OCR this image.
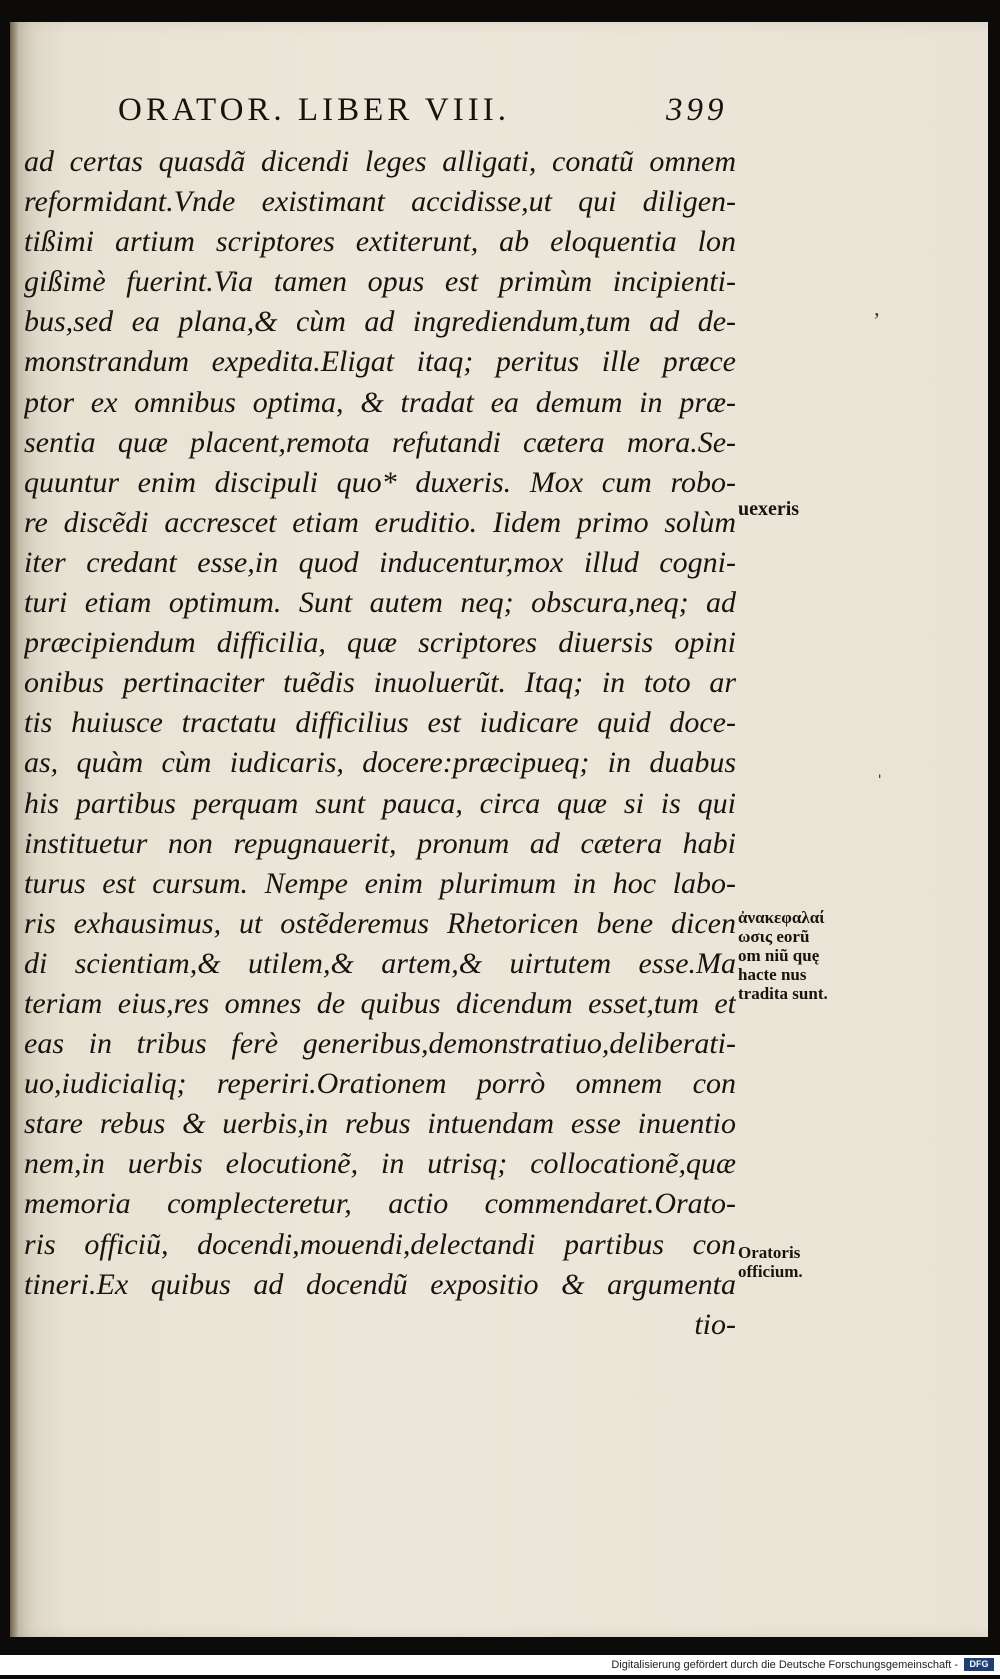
ORATOR. LIBER VIII.	399
ad certas quasdã dicendi leges alligati, conatũ omnem
reformidant.Vnde existimant accidisse,ut qui diligen-
tißimi artium scriptores extiterunt, ab eloquentia lon
gißimè fuerint.Via tamen opus est primùm incipienti-
bus,sed ea plana,& cùm ad ingrediendum,tum ad de-
monstrandum expedita.Eligat itaq; peritus ille præce
ptor ex omnibus optima, & tradat ea demum in præ-
sentia quæ placent,remota refutandi cætera mora.Se-
quuntur enim discipuli quo* duxeris. Mox cum robo-
re discẽdi accrescet etiam eruditio. Iidem primo solùm
iter credant esse,in quod inducentur,mox illud cogni-
turi etiam optimum. Sunt autem neq; obscura,neq; ad
præcipiendum difficilia, quæ scriptores diuersis opini
onibus pertinaciter tuẽdis inuoluerũt. Itaq; in toto ar
tis huiusce tractatu difficilius est iudicare quid doce-
as, quàm cùm iudicaris, docere:præcipueq; in duabus
his partibus perquam sunt pauca, circa quæ si is qui
instituetur non repugnauerit, pronum ad cætera habi
turus est cursum. Nempe enim plurimum in hoc labo-
ris exhausimus, ut ostẽderemus Rhetoricen bene dicen
di scientiam,& utilem,& artem,& uirtutem esse.Ma
teriam eius,res omnes de quibus dicendum esset,tum et
eas in tribus ferè generibus,demonstratiuo,deliberati-
uo,iudicialiq; reperiri.Orationem porrò omnem con
stare rebus & uerbis,in rebus intuendam esse inuentio
nem,in uerbis elocutionẽ, in utrisq; collocationẽ,quæ
memoria complecteretur, actio commendaret.Orato-
ris officiũ, docendi,mouendi,delectandi partibus con
tineri.Ex quibus ad docendũ expositio & argumenta
tio-
uexeris
ἀνακεφαλαί ωσις eorũ om niũ quę hacte nus tradita sunt.
Oratoris officium.
ʼ
ˈ
Digitalisierung gefördert durch die Deutsche Forschungsgemeinschaft -	DFG
